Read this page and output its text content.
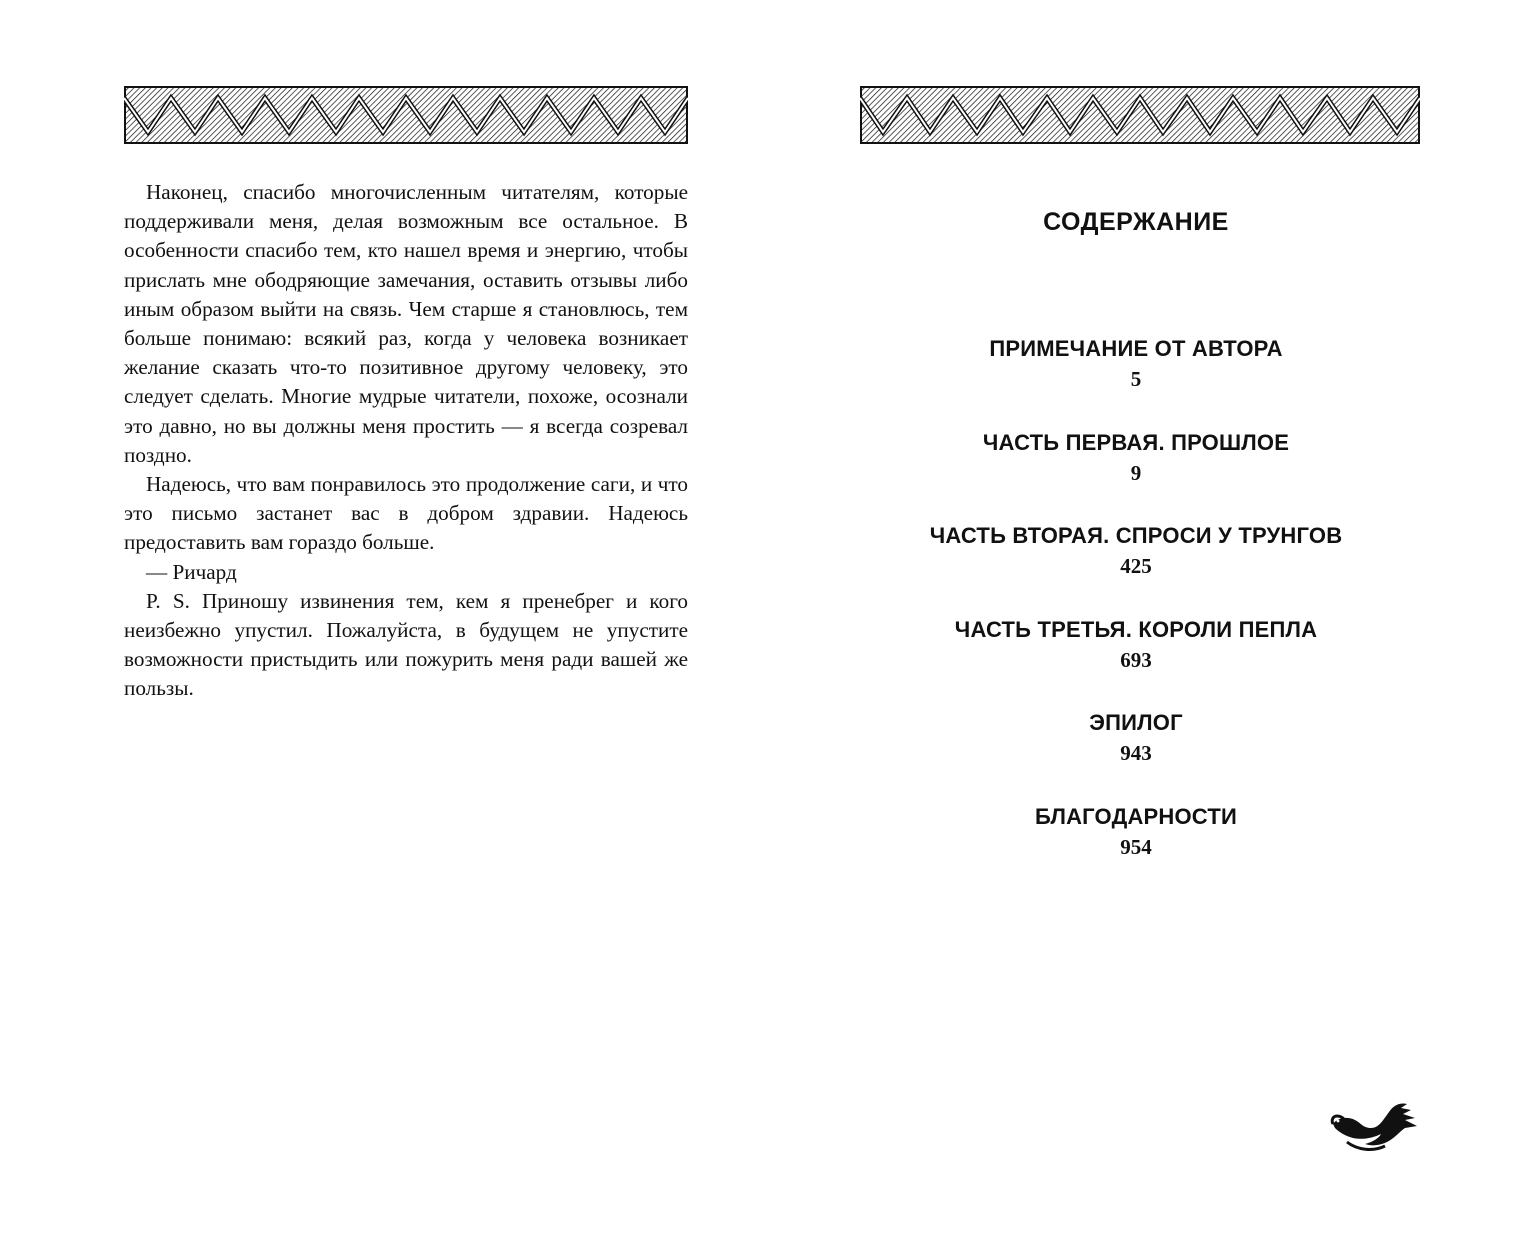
Наконец, спасибо многочисленным читателям, которые поддерживали меня, делая возможным все остальное. В особенности спасибо тем, кто нашел время и энергию, чтобы прислать мне ободряющие замечания, оставить отзывы либо иным образом выйти на связь. Чем старше я становлюсь, тем больше понимаю: всякий раз, когда у человека возникает желание сказать что-то позитивное другому человеку, это следует сделать. Многие мудрые читатели, похоже, осознали это давно, но вы должны меня простить — я всегда созревал поздно.

Надеюсь, что вам понравилось это продолжение саги, и что это письмо застанет вас в добром здравии. Надеюсь предоставить вам гораздо больше.

— Ричард

P. S. Приношу извинения тем, кем я пренебрег и кого неизбежно упустил. Пожалуйста, в будущем не упустите возможности пристыдить или пожурить меня ради вашей же пользы.

СОДЕРЖАНИЕ
ПРИМЕЧАНИЕ ОТ АВТОРА
5
ЧАСТЬ ПЕРВАЯ. ПРОШЛОЕ
9
ЧАСТЬ ВТОРАЯ. СПРОСИ У ТРУНГОВ
425
ЧАСТЬ ТРЕТЬЯ. КОРОЛИ ПЕПЛА
693
ЭПИЛОГ
943
БЛАГОДАРНОСТИ
954
